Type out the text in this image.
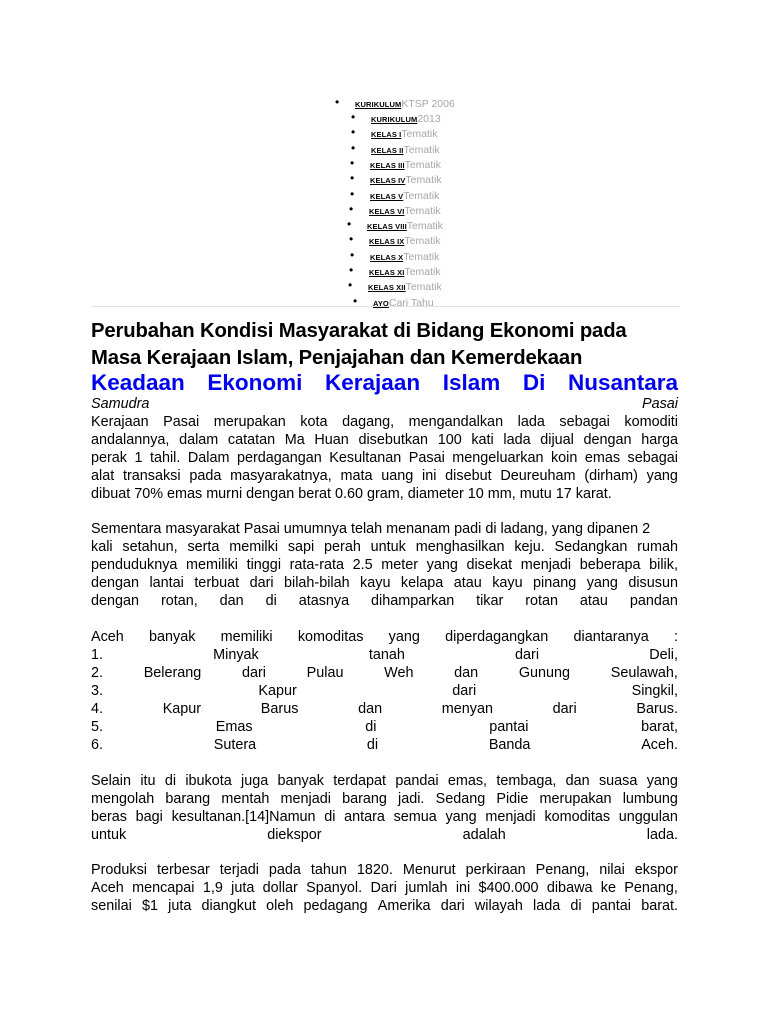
• KURIKULUMKTSP 2006
• KURIKULUM2013
• KELAS ITematik
• KELAS IITematik
• KELAS IIITematik
• KELAS IVTematik
• KELAS VTematik
• KELAS VITematik
• KELAS VIIITematik
• KELAS IXTematik
• KELAS XTematik
• KELAS XITematik
• KELAS XIITematik
• AYOCari Tahu
Perubahan Kondisi Masyarakat di Bidang Ekonomi pada
Masa Kerajaan Islam, Penjajahan dan Kemerdekaan
Keadaan Ekonomi Kerajaan Islam Di Nusantara
Samudra	Pasai
Kerajaan Pasai merupakan kota dagang, mengandalkan lada sebagai komoditi
andalannya, dalam catatan Ma Huan disebutkan 100 kati lada dijual dengan harga
perak 1 tahil. Dalam perdagangan Kesultanan Pasai mengeluarkan koin emas sebagai
alat transaksi pada masyarakatnya, mata uang ini disebut Deureuham (dirham) yang
dibuat 70% emas murni dengan berat 0.60 gram, diameter 10 mm, mutu 17 karat.
Sementara masyarakat Pasai umumnya telah menanam padi di ladang, yang dipanen 2
kali setahun, serta memilki sapi perah untuk menghasilkan keju. Sedangkan rumah
penduduknya memiliki tinggi rata-rata 2.5 meter yang disekat menjadi beberapa bilik,
dengan lantai terbuat dari bilah-bilah kayu kelapa atau kayu pinang yang disusun
dengan rotan, dan di atasnya dihamparkan tikar rotan atau pandan
Aceh banyak memiliki komoditas yang diperdagangkan diantaranya :
1.	Minyak	tanah	dari	Deli,
2.	Belerang	dari	Pulau	Weh	dan	Gunung	Seulawah,
3.	Kapur	dari	Singkil,
4.	Kapur	Barus	dan	menyan	dari	Barus.
5.	Emas	di	pantai	barat,
6.	Sutera	di	Banda	Aceh.
Selain itu di ibukota juga banyak terdapat pandai emas, tembaga, dan suasa yang
mengolah barang mentah menjadi barang jadi. Sedang Pidie merupakan lumbung
beras bagi kesultanan.[14]Namun di antara semua yang menjadi komoditas unggulan
untuk	diekspor	adalah	lada.
Produksi terbesar terjadi pada tahun 1820. Menurut perkiraan Penang, nilai ekspor
Aceh mencapai 1,9 juta dollar Spanyol. Dari jumlah ini $400.000 dibawa ke Penang,
senilai $1 juta diangkut oleh pedagang Amerika dari wilayah lada di pantai barat.
